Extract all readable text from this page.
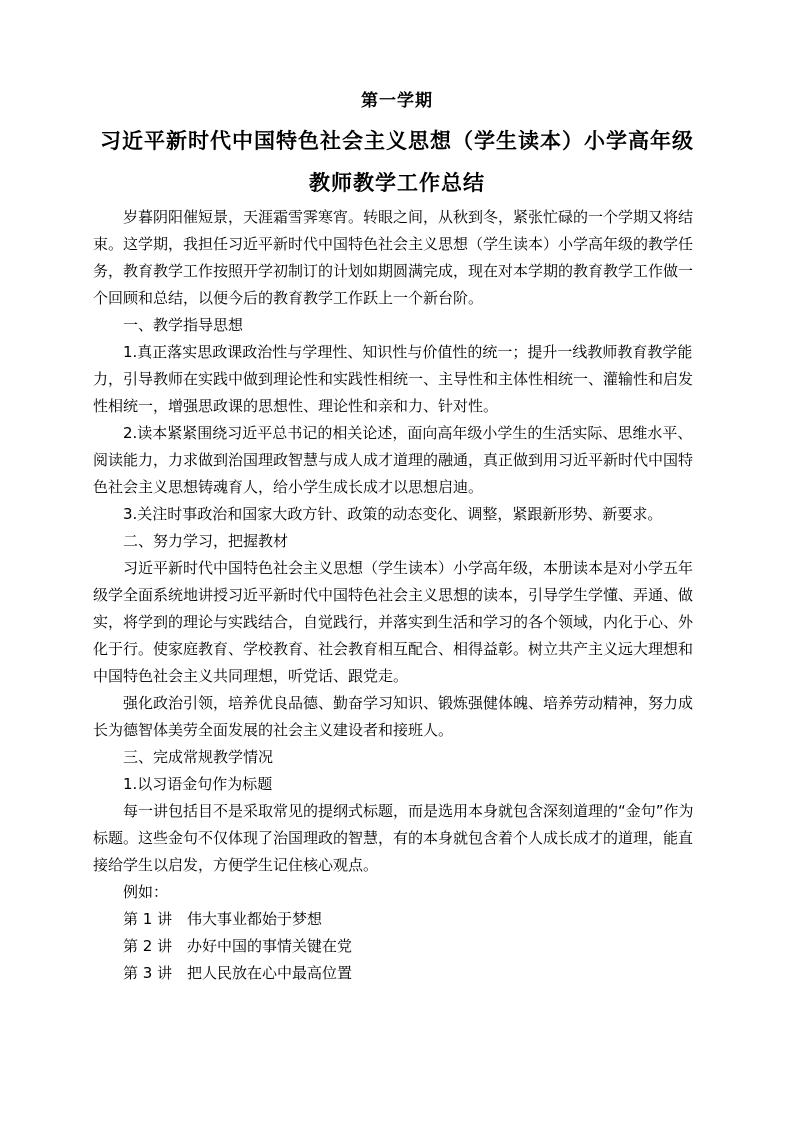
第一学期
习近平新时代中国特色社会主义思想（学生读本）小学高年级
教师教学工作总结

岁暮阴阳催短景，天涯霜雪霁寒宵。转眼之间，从秋到冬，紧张忙碌的一个学期又将结束。这学期，我担任习近平新时代中国特色社会主义思想（学生读本）小学高年级的教学任务，教育教学工作按照开学初制订的计划如期圆满完成，现在对本学期的教育教学工作做一个回顾和总结，以便今后的教育教学工作跃上一个新台阶。

一、教学指导思想

1.真正落实思政课政治性与学理性、知识性与价值性的统一；提升一线教师教育教学能力，引导教师在实践中做到理论性和实践性相统一、主导性和主体性相统一、灌输性和启发性相统一，增强思政课的思想性、理论性和亲和力、针对性。

2.读本紧紧围绕习近平总书记的相关论述，面向高年级小学生的生活实际、思维水平、阅读能力，力求做到治国理政智慧与成人成才道理的融通，真正做到用习近平新时代中国特色社会主义思想铸魂育人，给小学生成长成才以思想启迪。

3.关注时事政治和国家大政方针、政策的动态变化、调整，紧跟新形势、新要求。

二、努力学习，把握教材

习近平新时代中国特色社会主义思想（学生读本）小学高年级，本册读本是对小学五年级学全面系统地讲授习近平新时代中国特色社会主义思想的读本，引导学生学懂、弄通、做实，将学到的理论与实践结合，自觉践行，并落实到生活和学习的各个领域，内化于心、外化于行。使家庭教育、学校教育、社会教育相互配合、相得益彰。树立共产主义远大理想和中国特色社会主义共同理想，听党话、跟党走。

强化政治引领，培养优良品德、勤奋学习知识、锻炼强健体魄、培养劳动精神，努力成长为德智体美劳全面发展的社会主义建设者和接班人。

三、完成常规教学情况

1.以习语金句作为标题

每一讲包括目不是采取常见的提纲式标题，而是选用本身就包含深刻道理的“金句”作为标题。这些金句不仅体现了治国理政的智慧，有的本身就包含着个人成长成才的道理，能直接给学生以启发，方便学生记住核心观点。

例如：

第 1 讲 伟大事业都始于梦想
第 2 讲 办好中国的事情关键在党
第 3 讲 把人民放在心中最高位置
